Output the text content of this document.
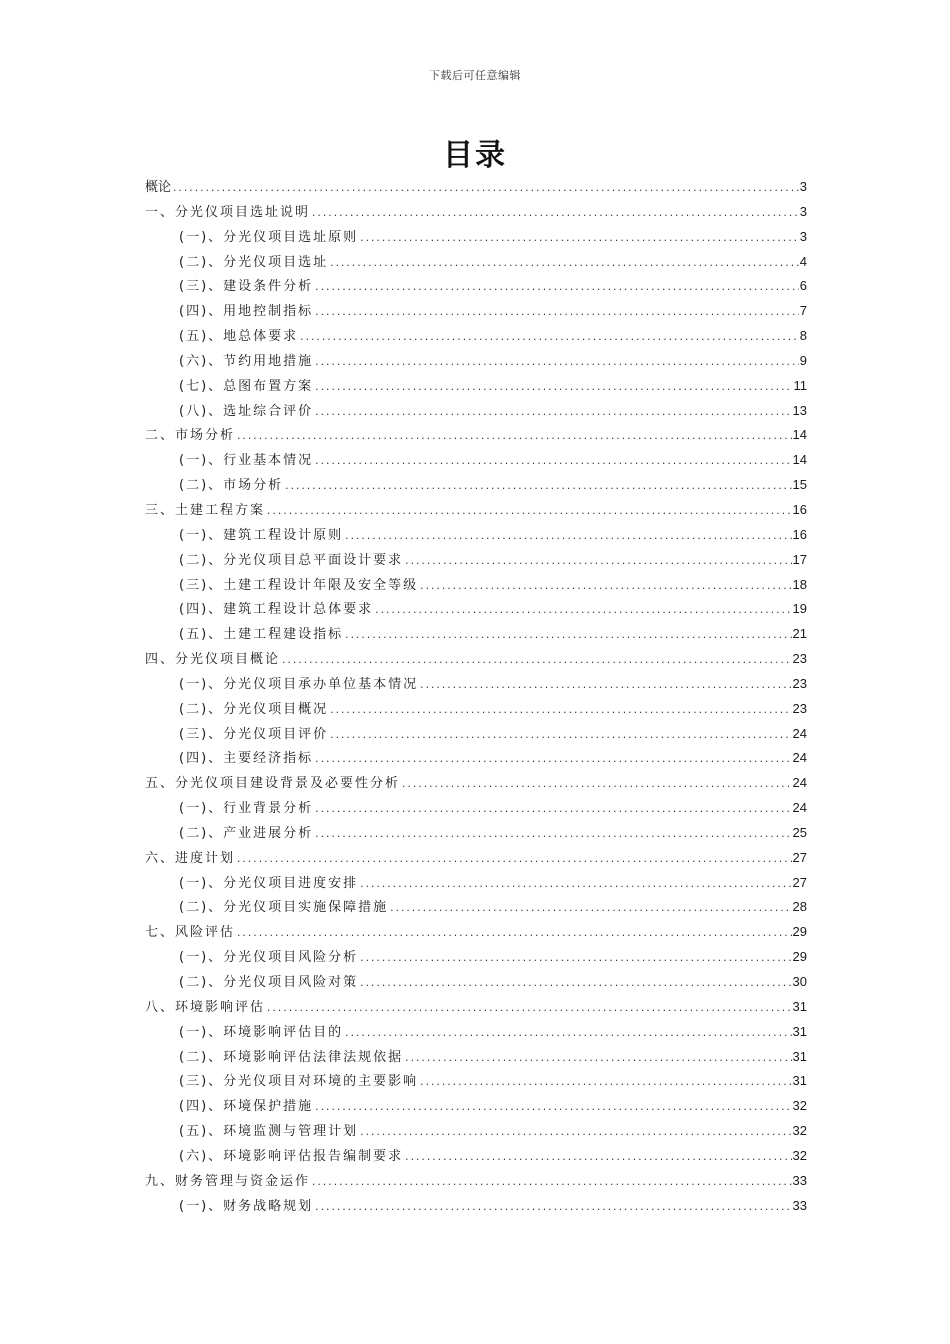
下载后可任意编辑
目录
概论 .....	3
一、分光仪项目选址说明 .....	3
(一)、分光仪项目选址原则 .....	3
(二)、分光仪项目选址 .....	4
(三)、建设条件分析 .....	6
(四)、用地控制指标 .....	7
(五)、地总体要求 .....	8
(六)、节约用地措施 .....	9
(七)、总图布置方案 .....	11
(八)、选址综合评价 .....	13
二、市场分析 .....	14
(一)、行业基本情况 .....	14
(二)、市场分析 .....	15
三、土建工程方案 .....	16
(一)、建筑工程设计原则 .....	16
(二)、分光仪项目总平面设计要求 .....	17
(三)、土建工程设计年限及安全等级 .....	18
(四)、建筑工程设计总体要求 .....	19
(五)、土建工程建设指标 .....	21
四、分光仪项目概论 .....	23
(一)、分光仪项目承办单位基本情况 .....	23
(二)、分光仪项目概况 .....	23
(三)、分光仪项目评价 .....	24
(四)、主要经济指标 .....	24
五、分光仪项目建设背景及必要性分析 .....	24
(一)、行业背景分析 .....	24
(二)、产业进展分析 .....	25
六、进度计划 .....	27
(一)、分光仪项目进度安排 .....	27
(二)、分光仪项目实施保障措施 .....	28
七、风险评估 .....	29
(一)、分光仪项目风险分析 .....	29
(二)、分光仪项目风险对策 .....	30
八、环境影响评估 .....	31
(一)、环境影响评估目的 .....	31
(二)、环境影响评估法律法规依据 .....	31
(三)、分光仪项目对环境的主要影响 .....	31
(四)、环境保护措施 .....	32
(五)、环境监测与管理计划 .....	32
(六)、环境影响评估报告编制要求 .....	32
九、财务管理与资金运作 .....	33
(一)、财务战略规划 .....	33
